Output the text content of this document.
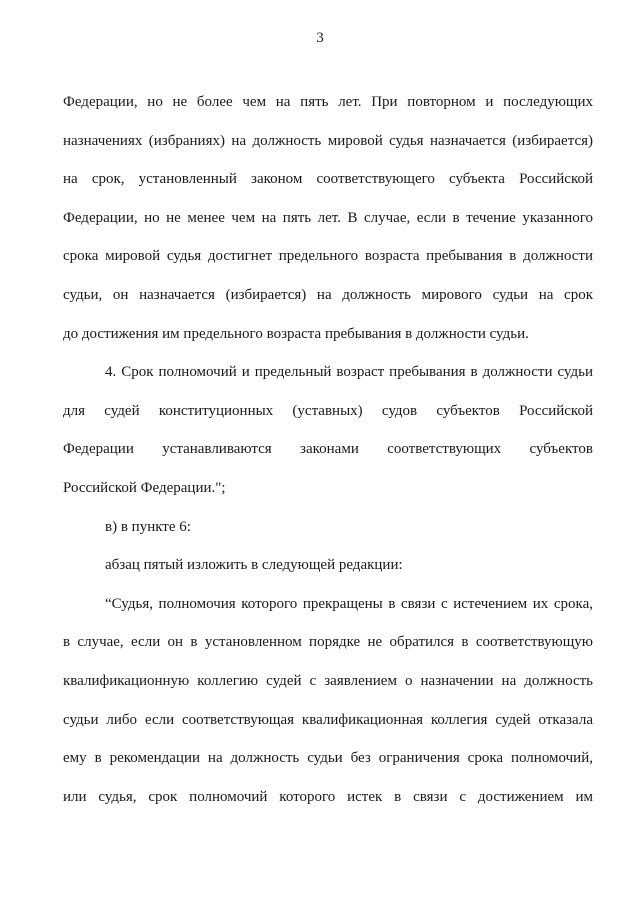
3

Федерации, но не более чем на пять лет. При повторном и последующих
назначениях (избраниях) на должность мировой судья назначается (избирается)
на срок, установленный законом соответствующего субъекта Российской
Федерации, но не менее чем на пять лет. В случае, если в течение указанного
срока мировой судья достигнет предельного возраста пребывания в должности
судьи, он назначается (избирается) на должность мирового судьи на срок
до достижения им предельного возраста пребывания в должности судьи.

4. Срок полномочий и предельный возраст пребывания в должности судьи
для судей конституционных (уставных) судов субъектов Российской
Федерации устанавливаются законами соответствующих субъектов
Российской Федерации.";

в) в пункте 6:

абзац пятый изложить в следующей редакции:

“Судья, полномочия которого прекращены в связи с истечением их срока,
в случае, если он в установленном порядке не обратился в соответствующую
квалификационную коллегию судей с заявлением о назначении на должность
судьи либо если соответствующая квалификационная коллегия судей отказала
ему в рекомендации на должность судьи без ограничения срока полномочий,
или судья, срок полномочий которого истек в связи с достижением им
